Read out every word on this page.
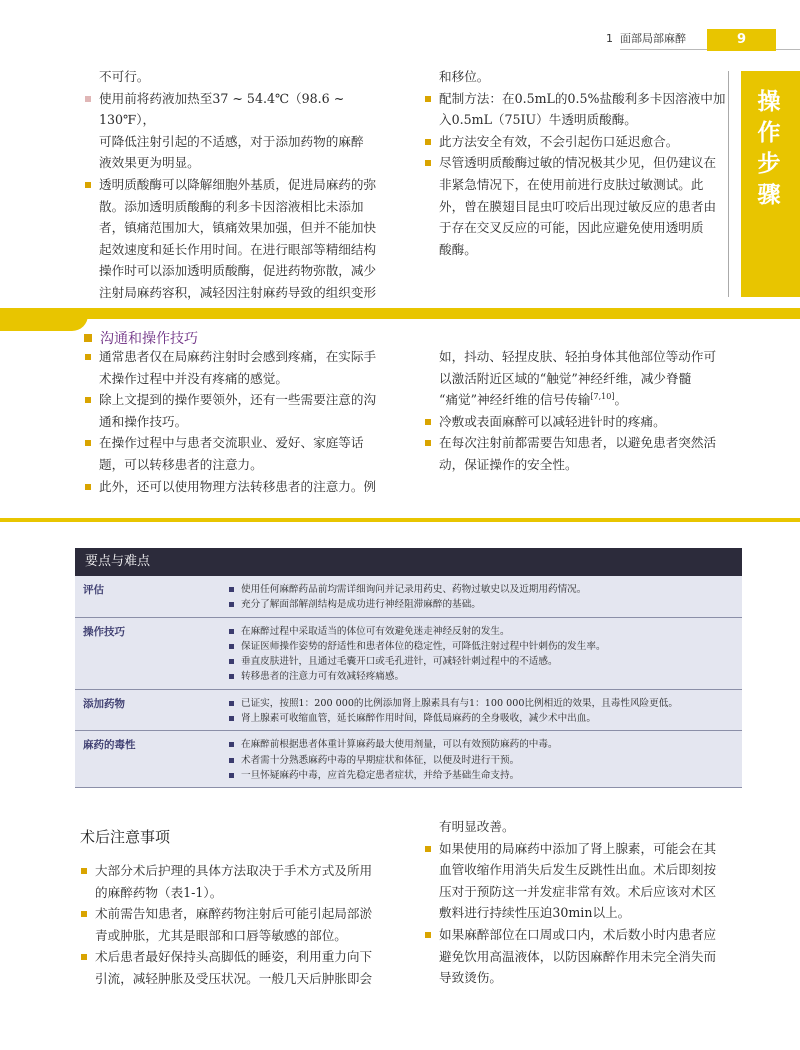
1 面部局部麻醉	9
操
作
步
骤

不可行。

使用前将药液加热至37 ~ 54.4℃（98.6 ~ 130℉），

可降低注射引起的不适感，对于添加药物的麻醉

液效果更为明显。

透明质酸酶可以降解细胞外基质，促进局麻药的弥

散。添加透明质酸酶的利多卡因溶液相比未添加

者，镇痛范围加大，镇痛效果加强，但并不能加快

起效速度和延长作用时间。在进行眼部等精细结构

操作时可以添加透明质酸酶，促进药物弥散，减少

注射局麻药容积，减轻因注射麻药导致的组织变形

和移位。

配制方法：在0.5mL的0.5%盐酸利多卡因溶液中加

入0.5mL（75IU）牛透明质酸酶。

此方法安全有效，不会引起伤口延迟愈合。

尽管透明质酸酶过敏的情况极其少见，但仍建议在

非紧急情况下，在使用前进行皮肤过敏测试。此

外，曾在膜翅目昆虫叮咬后出现过敏反应的患者由

于存在交叉反应的可能，因此应避免使用透明质

酸酶。

沟通和操作技巧

通常患者仅在局麻药注射时会感到疼痛，在实际手

术操作过程中并没有疼痛的感觉。

除上文提到的操作要领外，还有一些需要注意的沟

通和操作技巧。

在操作过程中与患者交流职业、爱好、家庭等话

题，可以转移患者的注意力。

此外，还可以使用物理方法转移患者的注意力。例

如，抖动、轻捏皮肤、轻拍身体其他部位等动作可

以激活附近区域的“触觉”神经纤维，减少脊髓

“痛觉”神经纤维的信号传输[7,10]。

冷敷或表面麻醉可以减轻进针时的疼痛。

在每次注射前都需要告知患者，以避免患者突然活

动，保证操作的安全性。

要点与难点
评估	使用任何麻醉药品前均需详细询问并记录用药史、药物过敏史以及近期用药情况。
充分了解面部解剖结构是成功进行神经阻滞麻醉的基础。
操作技巧	在麻醉过程中采取适当的体位可有效避免迷走神经反射的发生。
保证医师操作姿势的舒适性和患者体位的稳定性，可降低注射过程中针刺伤的发生率。
垂直皮肤进针，且通过毛囊开口或毛孔进针，可减轻针刺过程中的不适感。
转移患者的注意力可有效减轻疼痛感。
添加药物	已证实，按照1：200 000的比例添加肾上腺素具有与1：100 000比例相近的效果，且毒性风险更低。
肾上腺素可收缩血管，延长麻醉作用时间，降低局麻药的全身吸收，减少术中出血。
麻药的毒性	在麻醉前根据患者体重计算麻药最大使用剂量，可以有效预防麻药的中毒。
术者需十分熟悉麻药中毒的早期症状和体征，以便及时进行干预。
一旦怀疑麻药中毒，应首先稳定患者症状，并给予基础生命支持。
术后注意事项

大部分术后护理的具体方法取决于手术方式及所用

的麻醉药物（表1-1）。

术前需告知患者，麻醉药物注射后可能引起局部淤

青或肿胀，尤其是眼部和口唇等敏感的部位。

术后患者最好保持头高脚低的睡姿，利用重力向下

引流，减轻肿胀及受压状况。一般几天后肿胀即会

有明显改善。

如果使用的局麻药中添加了肾上腺素，可能会在其

血管收缩作用消失后发生反跳性出血。术后即刻按

压对于预防这一并发症非常有效。术后应该对术区

敷料进行持续性压迫30min以上。

如果麻醉部位在口周或口内，术后数小时内患者应

避免饮用高温液体，以防因麻醉作用未完全消失而

导致烫伤。
